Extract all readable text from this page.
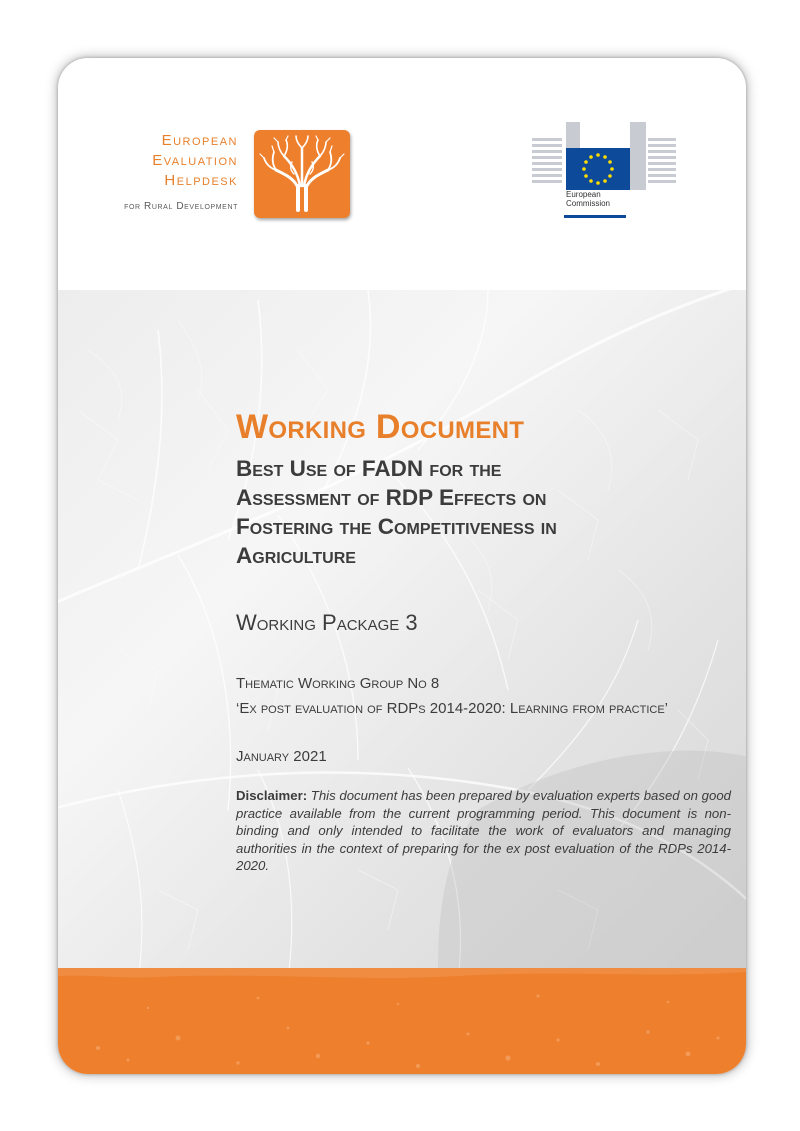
European
Evaluation
Helpdesk
for Rural Development
European
Commission
Working Document
Best Use of FADN for the
Assessment of RDP Effects on
Fostering the Competitiveness in
Agriculture
Working Package 3
Thematic Working Group No 8
‘Ex post evaluation of RDPs 2014-2020: Learning from practice’
January 2021
Disclaimer: This document has been prepared by evaluation experts based on good practice available from the current programming period. This document is non-binding and only intended to facilitate the work of evaluators and managing authorities in the context of preparing for the ex post evaluation of the RDPs 2014-2020.
